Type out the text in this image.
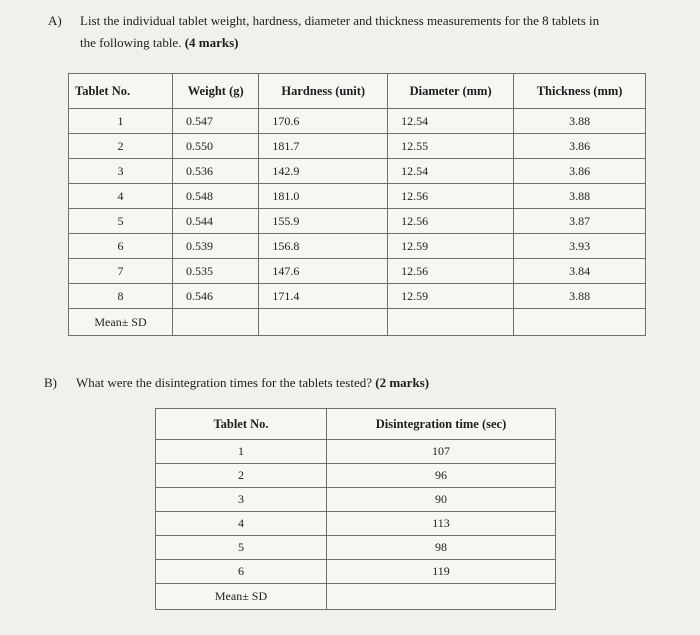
A) List the individual tablet weight, hardness, diameter and thickness measurements for the 8 tablets in
the following table. (4 marks)
Tablet No.	Weight (g)	Hardness (unit)	Diameter (mm)	Thickness (mm)
1	0.547	170.6	12.54	3.88
2	0.550	181.7	12.55	3.86
3	0.536	142.9	12.54	3.86
4	0.548	181.0	12.56	3.88
5	0.544	155.9	12.56	3.87
6	0.539	156.8	12.59	3.93
7	0.535	147.6	12.56	3.84
8	0.546	171.4	12.59	3.88
Mean± SD				
B) What were the disintegration times for the tablets tested? (2 marks)
Tablet No.	Disintegration time (sec)
1	107
2	96
3	90
4	113
5	98
6	119
Mean± SD	
